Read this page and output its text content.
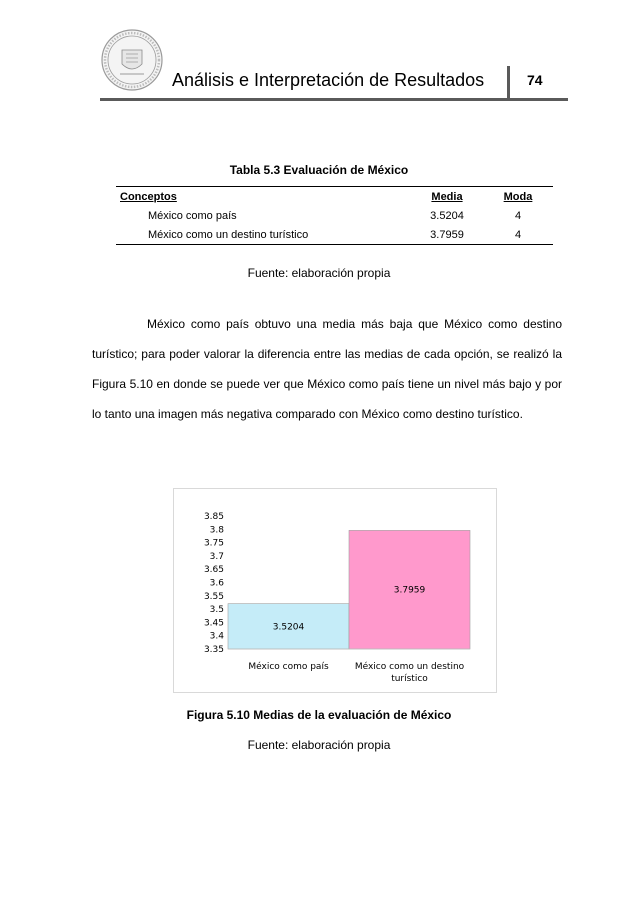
Análisis e Interpretación de Resultados	74
Tabla 5.3 Evaluación de México
Conceptos	Media	Moda
México como país	3.5204	4
México como un destino turístico	3.7959	4
Fuente: elaboración propia

México como país obtuvo una media más baja que México como destino turístico; para poder valorar la diferencia entre las medias de cada opción, se realizó la Figura 5.10 en donde se puede ver que México como país tiene un nivel más bajo y por lo tanto una imagen más negativa comparado con México como destino turístico.

3.85
3.8
3.75
3.7
3.65
3.6
3.55
3.5
3.45
3.4
3.35
3.5204
México como país
3.7959
México como un destino
turístico
Figura 5.10 Medias de la evaluación de México
Fuente: elaboración propia
